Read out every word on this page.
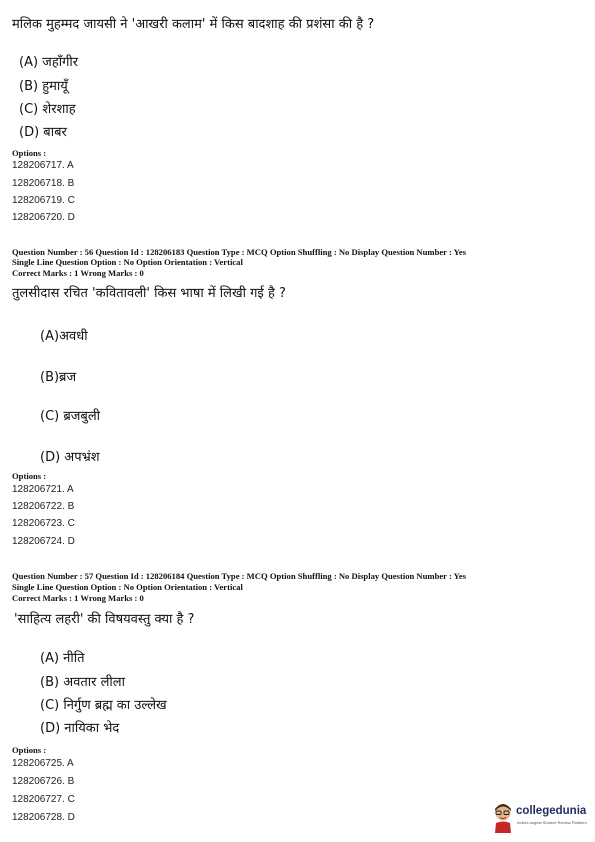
मलिक मुहम्मद जायसी ने 'आखरी कलाम' में किस बादशाह की प्रशंसा की है ?
(A) जहाँगीर
(B) हुमायूँ
(C) शेरशाह
(D) बाबर
Options :
128206717. A
128206718. B
128206719. C
128206720. D
Question Number : 56 Question Id : 128206183 Question Type : MCQ Option Shuffling : No Display Question Number : Yes
Single Line Question Option : No Option Orientation : Vertical
Correct Marks : 1 Wrong Marks : 0
तुलसीदास रचित 'कवितावली' किस भाषा में लिखी गई है ?
(A)अवधी
(B)ब्रज
(C) ब्रजबुली
(D) अपभ्रंश
Options :
128206721. A
128206722. B
128206723. C
128206724. D
Question Number : 57 Question Id : 128206184 Question Type : MCQ Option Shuffling : No Display Question Number : Yes
Single Line Question Option : No Option Orientation : Vertical
Correct Marks : 1 Wrong Marks : 0
'साहित्य लहरी' की विषयवस्तु क्या है ?
(A) नीति
(B) अवतार लीला
(C) निर्गुण ब्रह्म का उल्लेख
(D) नायिका भेद
Options :
128206725. A
128206726. B
128206727. C
128206728. D
collegedunia
India's largest Student Review Platform
